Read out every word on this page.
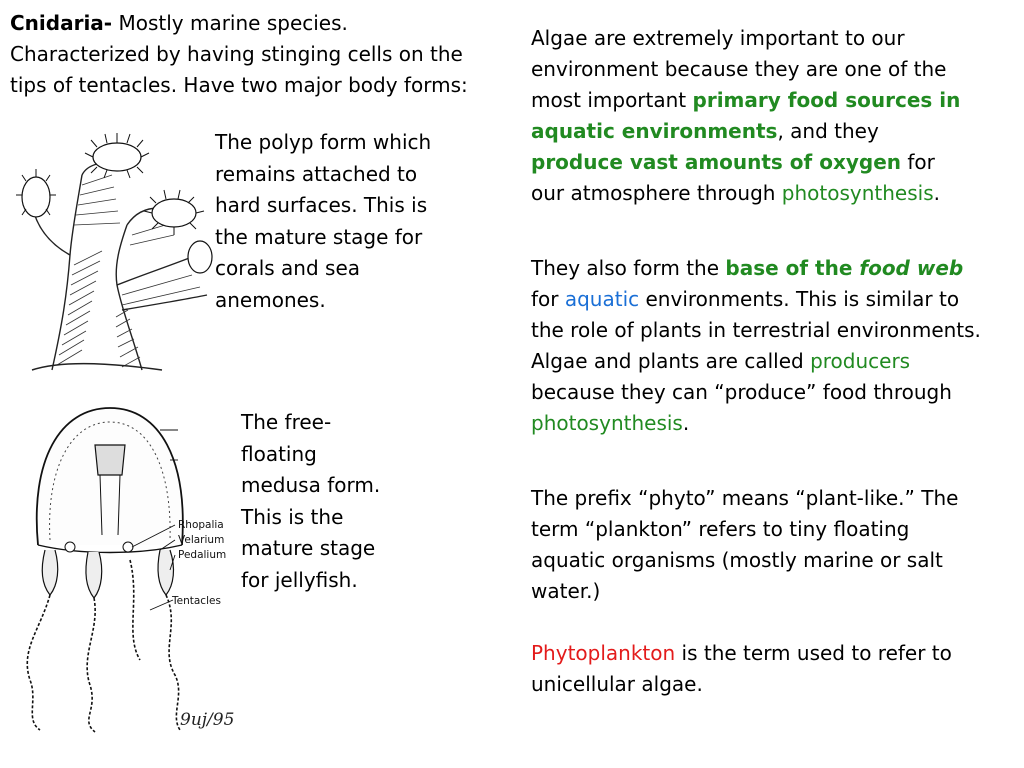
Cnidaria- Mostly marine species. Characterized by having stinging cells on the tips of tentacles. Have two major body forms:
The polyp form which remains attached to hard surfaces. This is the mature stage for corals and sea anemones.
Rhopalia
Velarium
Pedalium
Tentacles
9uj/95
The free-floating medusa form. This is the mature stage for jellyfish.
Algae are extremely important to our environment because they are one of the most important primary food sources in aquatic environments, and they produce vast amounts of oxygen for our atmosphere through photosynthesis.
They also form the base of the food web for aquatic environments. This is similar to the role of plants in terrestrial environments. Algae and plants are called producers because they can “produce” food through photosynthesis.
The prefix “phyto” means “plant-like.” The term “plankton” refers to tiny floating aquatic organisms (mostly marine or salt water.)
Phytoplankton is the term used to refer to unicellular algae.
